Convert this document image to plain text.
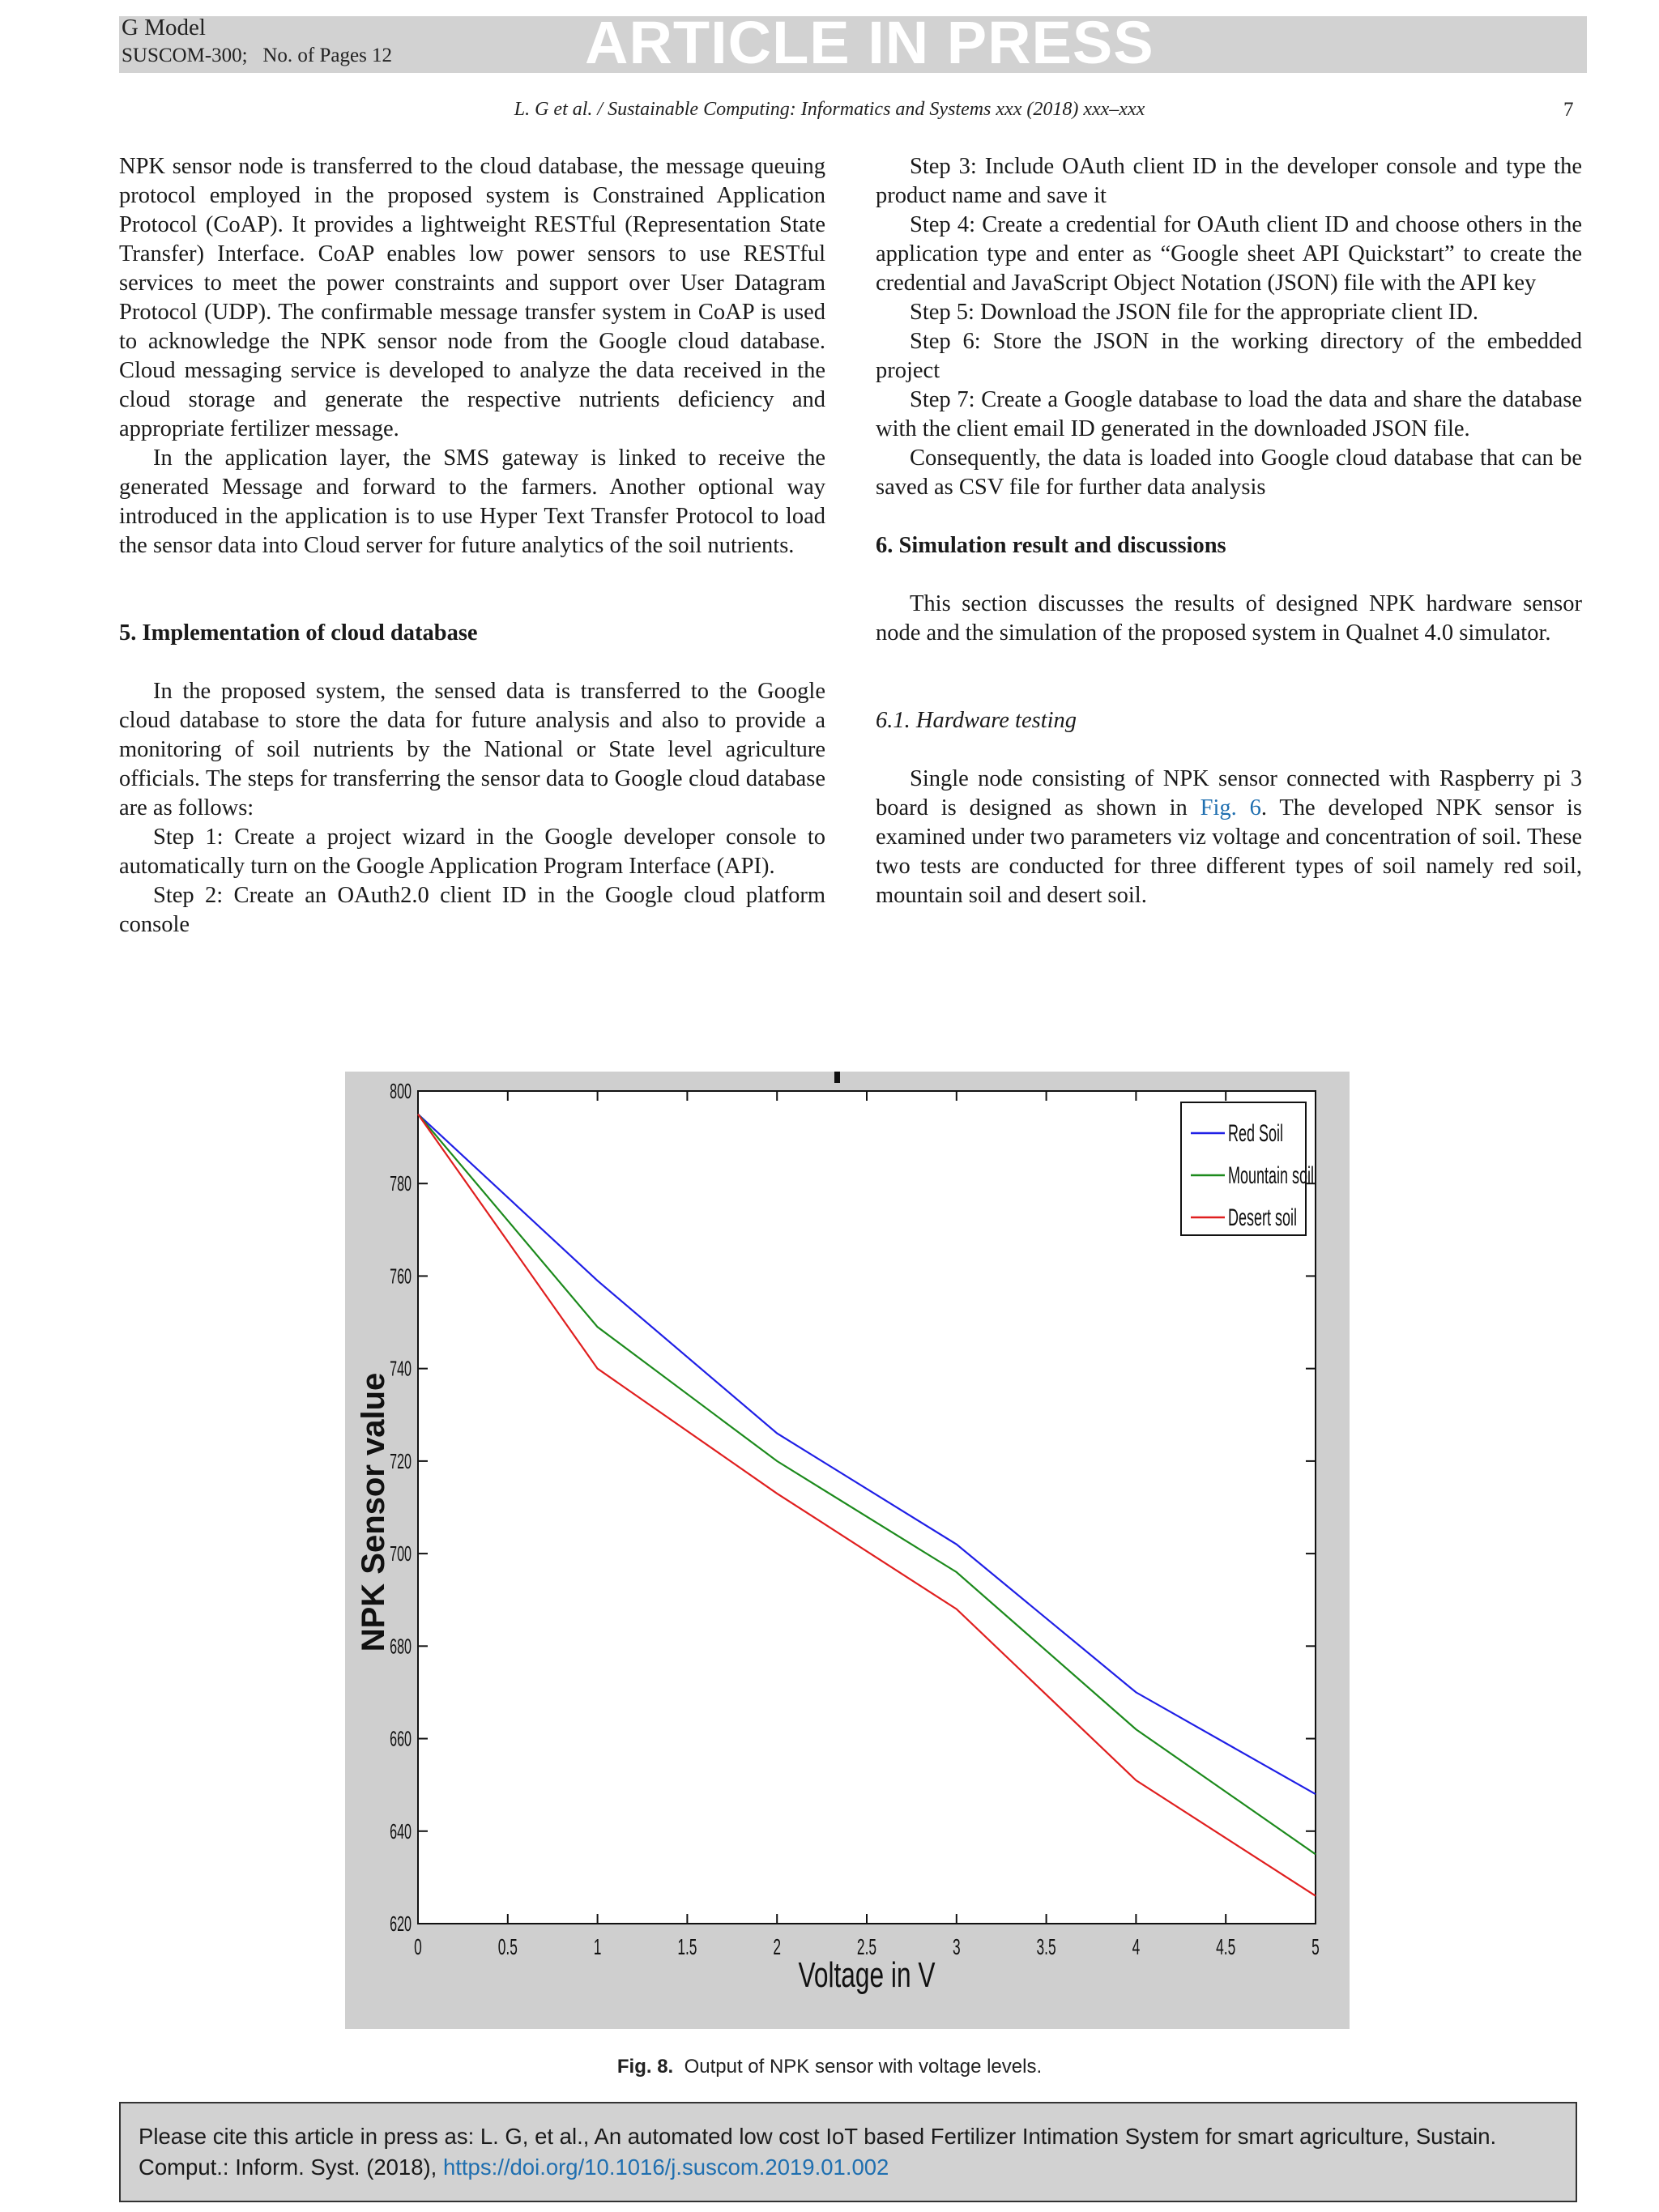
G Model
SUSCOM-300; No. of Pages 12	ARTICLE IN PRESS
L. G et al. / Sustainable Computing: Informatics and Systems xxx (2018) xxx–xxx	7

NPK sensor node is transferred to the cloud database, the message queuing protocol employed in the proposed system is Constrained Application Protocol (CoAP). It provides a lightweight RESTful (Representation State Transfer) Interface. CoAP enables low power sensors to use RESTful services to meet the power constraints and support over User Datagram Protocol (UDP). The confirmable message transfer system in CoAP is used to acknowledge the NPK sensor node from the Google cloud database. Cloud messaging service is developed to analyze the data received in the cloud storage and generate the respective nutrients deficiency and appropriate fertilizer message.

In the application layer, the SMS gateway is linked to receive the generated Message and forward to the farmers. Another optional way introduced in the application is to use Hyper Text Transfer Protocol to load the sensor data into Cloud server for future analytics of the soil nutrients.

5. Implementation of cloud database

In the proposed system, the sensed data is transferred to the Google cloud database to store the data for future analysis and also to provide a monitoring of soil nutrients by the National or State level agriculture officials. The steps for transferring the sensor data to Google cloud database are as follows:

Step 1: Create a project wizard in the Google developer console to automatically turn on the Google Application Program Interface (API).

Step 2: Create an OAuth2.0 client ID in the Google cloud platform console

Step 3: Include OAuth client ID in the developer console and type the product name and save it

Step 4: Create a credential for OAuth client ID and choose others in the application type and enter as “Google sheet API Quickstart” to create the credential and JavaScript Object Notation (JSON) file with the API key

Step 5: Download the JSON file for the appropriate client ID.

Step 6: Store the JSON in the working directory of the embedded project

Step 7: Create a Google database to load the data and share the database with the client email ID generated in the downloaded JSON file.

Consequently, the data is loaded into Google cloud database that can be saved as CSV file for further data analysis

6. Simulation result and discussions

This section discusses the results of designed NPK hardware sensor node and the simulation of the proposed system in Qualnet 4.0 simulator.

6.1. Hardware testing

Single node consisting of NPK sensor connected with Raspberry pi 3 board is designed as shown in Fig. 6. The developed NPK sensor is examined under two parameters viz voltage and concentration of soil. These two tests are conducted for three different types of soil namely red soil, mountain soil and desert soil.

620
640
660
680
700
720
740
760
780
800
0	0.5	1	1.5	2	2.5	3	3.5	4	4.5	5
Red Soil
Mountain soil
Desert soil
NPK Sensor value
Voltage in V
Fig. 8. Output of NPK sensor with voltage levels.
Please cite this article in press as: L. G, et al., An automated low cost IoT based Fertilizer Intimation System for smart agriculture, Sustain. Comput.: Inform. Syst. (2018), https://doi.org/10.1016/j.suscom.2019.01.002
